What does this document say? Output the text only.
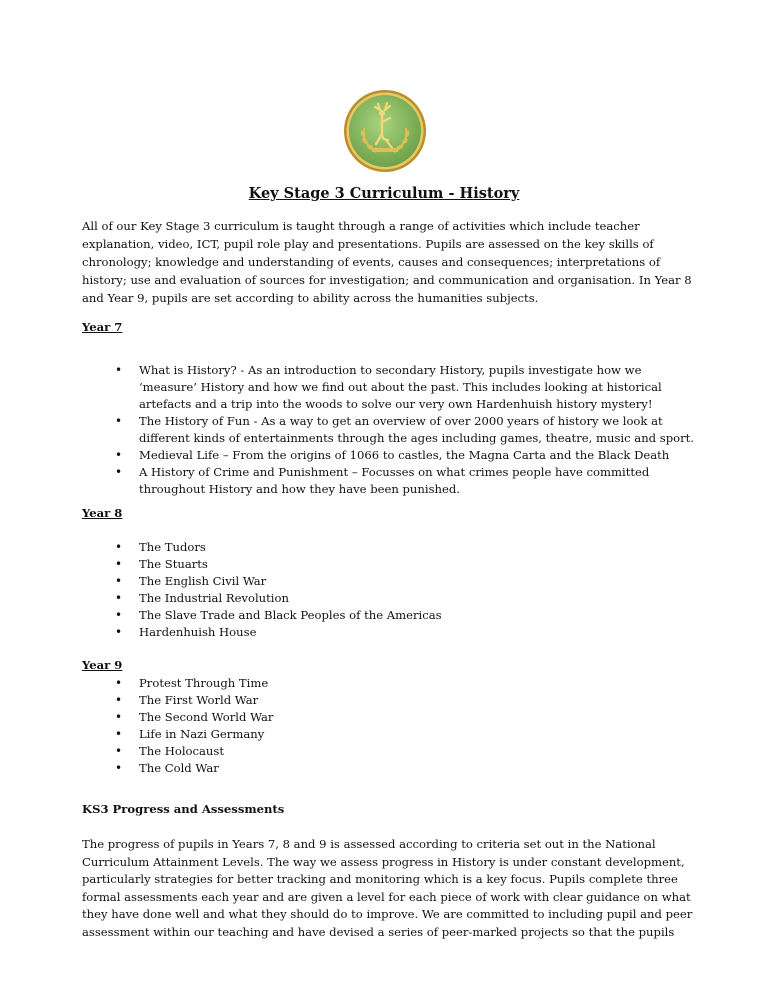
Key Stage 3 Curriculum - History
All of our Key Stage 3 curriculum is taught through a range of activities which include teacher explanation, video, ICT, pupil role play and presentations. Pupils are assessed on the key skills of chronology; knowledge and understanding of events, causes and consequences; interpretations of history; use and evaluation of sources for investigation; and communication and organisation. In Year 8 and Year 9, pupils are set according to ability across the humanities subjects.
Year 7
• What is History? - As an introduction to secondary History, pupils investigate how we ‘measure’ History and how we find out about the past. This includes looking at historical artefacts and a trip into the woods to solve our very own Hardenhuish history mystery!
• The History of Fun - As a way to get an overview of over 2000 years of history we look at different kinds of entertainments through the ages including games, theatre, music and sport.
• Medieval Life – From the origins of 1066 to castles, the Magna Carta and the Black Death
• A History of Crime and Punishment – Focusses on what crimes people have committed throughout History and how they have been punished.
Year 8
• The Tudors
• The Stuarts
• The English Civil War
• The Industrial Revolution
• The Slave Trade and Black Peoples of the Americas
• Hardenhuish House
Year 9
• Protest Through Time
• The First World War
• The Second World War
• Life in Nazi Germany
• The Holocaust
• The Cold War
KS3 Progress and Assessments
The progress of pupils in Years 7, 8 and 9 is assessed according to criteria set out in the National Curriculum Attainment Levels. The way we assess progress in History is under constant development, particularly strategies for better tracking and monitoring which is a key focus. Pupils complete three formal assessments each year and are given a level for each piece of work with clear guidance on what they have done well and what they should do to improve. We are committed to including pupil and peer assessment within our teaching and have devised a series of peer-marked projects so that the pupils
